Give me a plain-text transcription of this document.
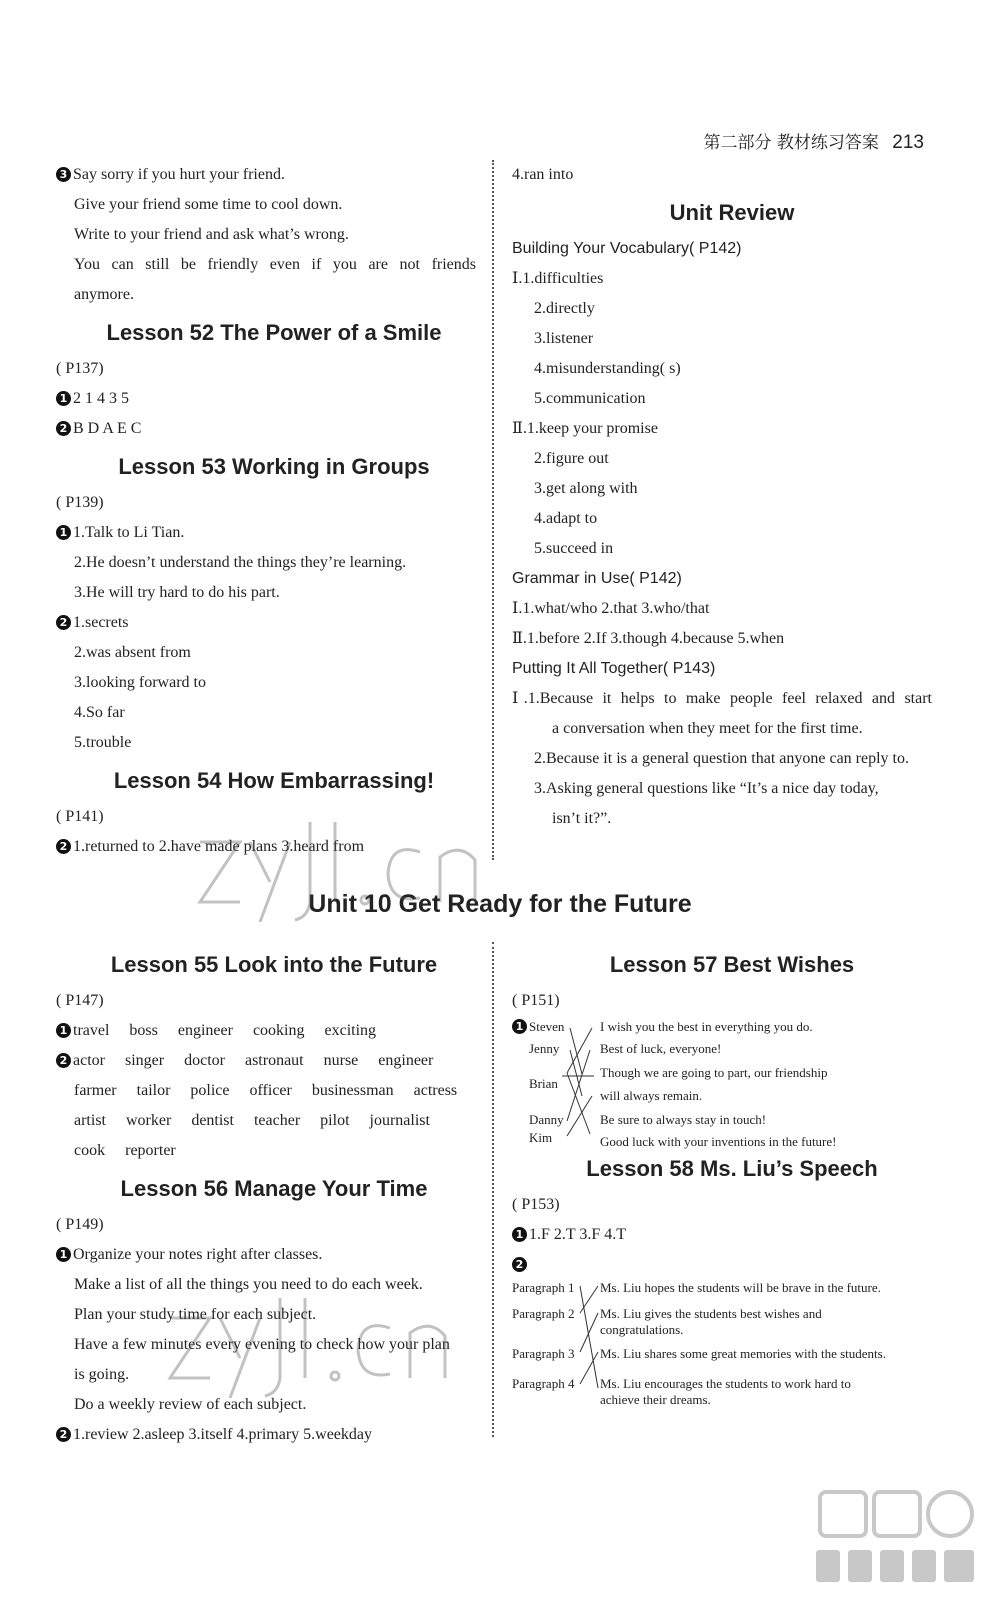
第二部分 教材练习答案 213
3 Say sorry if you hurt your friend.
Give your friend some time to cool down.
Write to your friend and ask what’s wrong.
You can still be friendly even if you are not friends
anymore.
Lesson 52 The Power of a Smile
( P137)
1 2 1 4 3 5
2 B D A E C
Lesson 53 Working in Groups
( P139)
1 1.Talk to Li Tian.
2.He doesn’t understand the things they’re learning.
3.He will try hard to do his part.
2 1.secrets
2.was absent from
3.looking forward to
4.So far
5.trouble
Lesson 54 How Embarrassing!
( P141)
2 1.returned to 2.have made plans 3.heard from
4.ran into
Unit Review
Building Your Vocabulary( P142)
Ⅰ.1.difficulties
2.directly
3.listener
4.misunderstanding( s)
5.communication
Ⅱ.1.keep your promise
2.figure out
3.get along with
4.adapt to
5.succeed in
Grammar in Use( P142)
Ⅰ.1.what/who 2.that 3.who/that
Ⅱ.1.before 2.If 3.though 4.because 5.when
Putting It All Together( P143)
Ⅰ.1.Because it helps to make people feel relaxed and start
a conversation when they meet for the first time.
2.Because it is a general question that anyone can reply to.
3.Asking general questions like “It’s a nice day today,
isn’t it?”.
Unit 10 Get Ready for the Future
Lesson 55 Look into the Future
( P147)
1 travel boss engineer cooking exciting
2 actor singer doctor astronaut nurse engineer
farmer tailor police officer businessman actress
artist worker dentist teacher pilot journalist
cook reporter
Lesson 56 Manage Your Time
( P149)
1 Organize your notes right after classes.
Make a list of all the things you need to do each week.
Plan your study time for each subject.
Have a few minutes every evening to check how your plan
is going.
Do a weekly review of each subject.
2 1.review 2.asleep 3.itself 4.primary 5.weekday
Lesson 57 Best Wishes
( P151)
1 Steven
Jenny
Brian
Danny
Kim
I wish you the best in everything you do.
Best of luck, everyone!
Though we are going to part, our friendship
will always remain.
Be sure to always stay in touch!
Good luck with your inventions in the future!
Lesson 58 Ms. Liu’s Speech
( P153)
1 1.F 2.T 3.F 4.T
2
Paragraph 1
Paragraph 2
Paragraph 3
Paragraph 4
Ms. Liu hopes the students will be brave in the future.
Ms. Liu gives the students best wishes and
congratulations.
Ms. Liu shares some great memories with the students.
Ms. Liu encourages the students to work hard to
achieve their dreams.
